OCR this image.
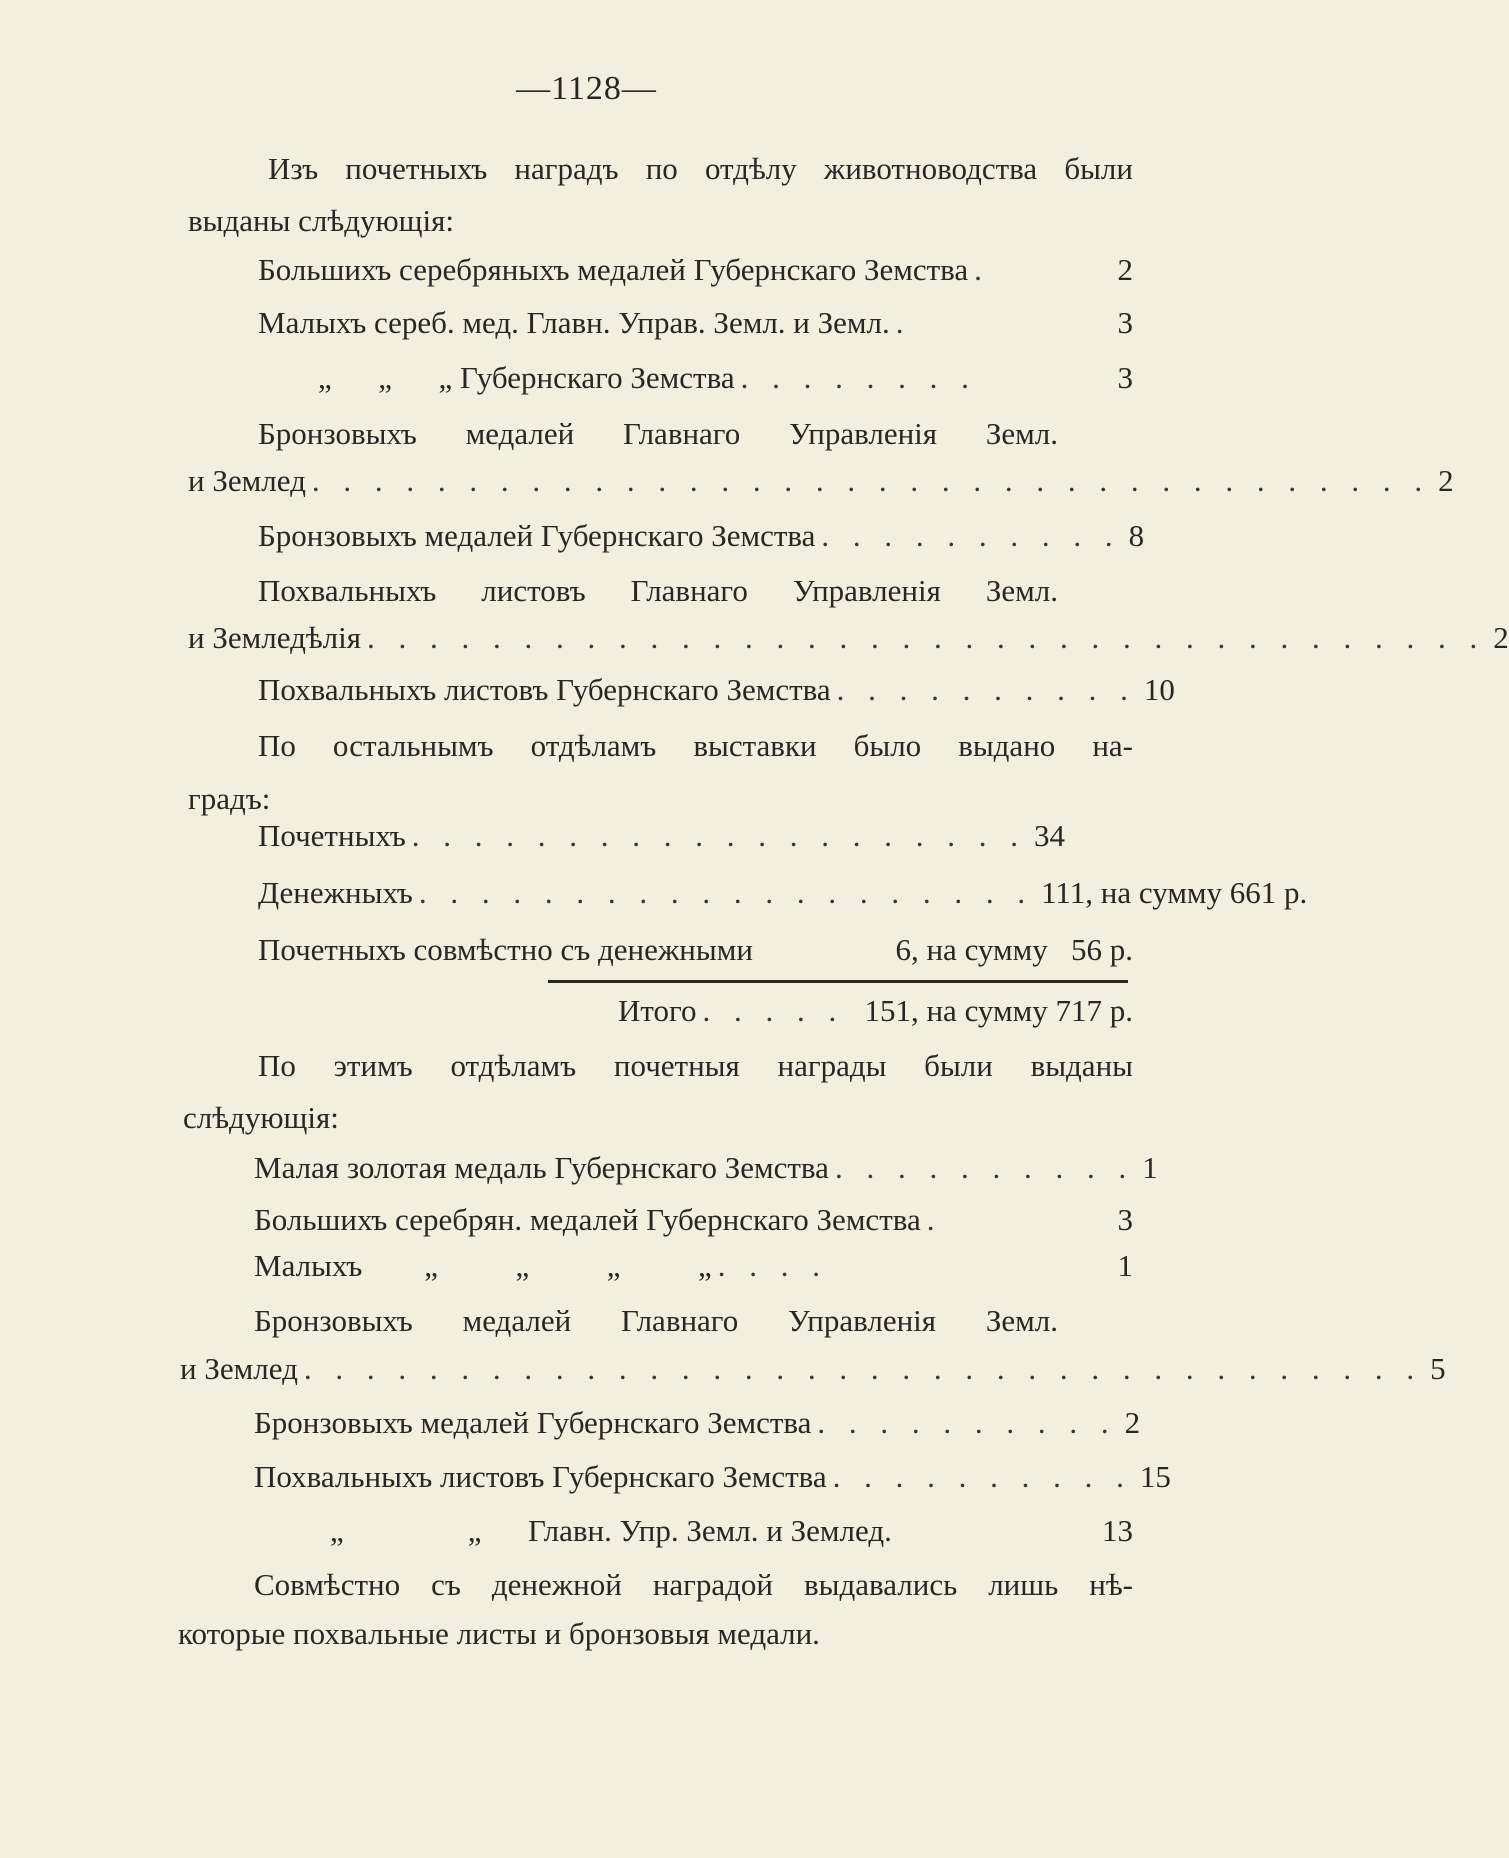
—1128—
Изъ почетныхъ наградъ по отдѣлу животноводства были
выданы слѣдующія:
Большихъ серебряныхъ медалей Губернскаго Земства .	2
Малыхъ сереб. мед. Главн. Управ. Земл. и Земл. .	3
„      „      „ Губернскаго Земства . . . . . . . .	3
Бронзовыхъ медалей Главнаго Управленія Земл.
и Землед . . . . . . . . . . . . . . . . . . . . . . . . . . . . . . . . . . . . 2
Бронзовыхъ медалей Губернскаго Земства . . . . . . . . . . 8
Похвальныхъ листовъ Главнаго Управленія Земл.
и Земледѣлія . . . . . . . . . . . . . . . . . . . . . . . . . . . . . . . . . . . . 2
Похвальныхъ листовъ Губернскаго Земства . . . . . . . . . . 10
По остальнымъ отдѣламъ выставки было выдано на-
градъ:
Почетныхъ . . . . . . . . . . . . . . . . . . . . 34
Денежныхъ . . . . . . . . . . . . . . . . . . . . 111, на сумму 661 р.
Почетныхъ совмѣстно съ денежными	6, на сумму   56 р.
Итого . . . . . 151, на сумму 717 р.
По этимъ отдѣламъ почетныя награды были выданы
слѣдующія:
Малая золотая медаль Губернскаго Земства . . . . . . . . . . 1
Большихъ серебрян. медалей Губернскаго Земства .	3
Малыхъ        „          „          „          „ . . . .	1
Бронзовыхъ медалей Главнаго Управленія Земл.
и Землед . . . . . . . . . . . . . . . . . . . . . . . . . . . . . . . . . . . . 5
Бронзовыхъ медалей Губернскаго Земства . . . . . . . . . . 2
Похвальныхъ листовъ Губернскаго Земства . . . . . . . . . . 15
„                „      Главн. Упр. Земл. и Землед.	13
Совмѣстно съ денежной наградой выдавались лишь нѣ-
которые похвальные листы и бронзовыя медали.
